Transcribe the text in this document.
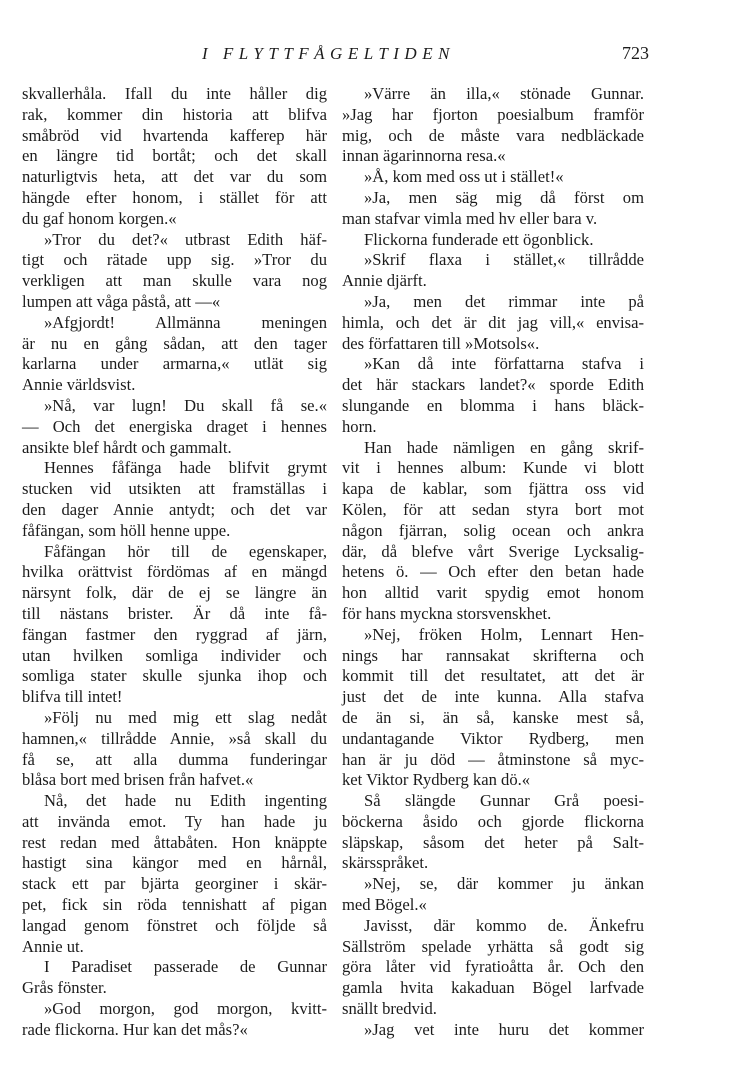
I FLYTTFÅGELTIDEN	723
skvallerhåla. Ifall du inte håller dig
rak, kommer din historia att blifva
småbröd vid hvartenda kafferep här
en längre tid bortåt; och det skall
naturligtvis heta, att det var du som
hängde efter honom, i stället för att
du gaf honom korgen.«
»Tror du det?« utbrast Edith häf-
tigt och rätade upp sig. »Tror du
verkligen att man skulle vara nog
lumpen att våga påstå, att —«
»Afgjordt! Allmänna meningen
är nu en gång sådan, att den tager
karlarna under armarna,« utlät sig
Annie världsvist.
»Nå, var lugn! Du skall få se.«
— Och det energiska draget i hennes
ansikte blef hårdt och gammalt.
Hennes fåfänga hade blifvit grymt
stucken vid utsikten att framställas i
den dager Annie antydt; och det var
fåfängan, som höll henne uppe.
Fåfängan hör till de egenskaper,
hvilka orättvist fördömas af en mängd
närsynt folk, där de ej se längre än
till nästans brister. Är då inte få-
fängan fastmer den ryggrad af järn,
utan hvilken somliga individer och
somliga stater skulle sjunka ihop och
blifva till intet!
»Följ nu med mig ett slag nedåt
hamnen,« tillrådde Annie, »så skall du
få se, att alla dumma funderingar
blåsa bort med brisen från hafvet.«
Nå, det hade nu Edith ingenting
att invända emot. Ty han hade ju
rest redan med åttabåten. Hon knäppte
hastigt sina kängor med en hårnål,
stack ett par bjärta georginer i skär-
pet, fick sin röda tennishatt af pigan
langad genom fönstret och följde så
Annie ut.
I Paradiset passerade de Gunnar
Grås fönster.
»God morgon, god morgon, kvitt-
rade flickorna. Hur kan det mås?«
»Värre än illa,« stönade Gunnar.
»Jag har fjorton poesialbum framför
mig, och de måste vara nedbläckade
innan ägarinnorna resa.«
»Å, kom med oss ut i stället!«
»Ja, men säg mig då först om
man stafvar vimla med hv eller bara v.
Flickorna funderade ett ögonblick.
»Skrif flaxa i stället,« tillrådde
Annie djärft.
»Ja, men det rimmar inte på
himla, och det är dit jag vill,« envisa-
des författaren till »Motsols«.
»Kan då inte författarna stafva i
det här stackars landet?« sporde Edith
slungande en blomma i hans bläck-
horn.
Han hade nämligen en gång skrif-
vit i hennes album: Kunde vi blott
kapa de kablar, som fjättra oss vid
Kölen, för att sedan styra bort mot
någon fjärran, solig ocean och ankra
där, då blefve vårt Sverige Lycksalig-
hetens ö. — Och efter den betan hade
hon alltid varit spydig emot honom
för hans myckna storsvenskhet.
»Nej, fröken Holm, Lennart Hen-
nings har rannsakat skrifterna och
kommit till det resultatet, att det är
just det de inte kunna. Alla stafva
de än si, än så, kanske mest så,
undantagande Viktor Rydberg, men
han är ju död — åtminstone så myc-
ket Viktor Rydberg kan dö.«
Så slängde Gunnar Grå poesi-
böckerna åsido och gjorde flickorna
släpskap, såsom det heter på Salt-
skärsspråket.
»Nej, se, där kommer ju änkan
med Bögel.«
Javisst, där kommo de. Änkefru
Sällström spelade yrhätta så godt sig
göra låter vid fyratioåtta år. Och den
gamla hvita kakaduan Bögel larfvade
snällt bredvid.
»Jag vet inte huru det kommer
